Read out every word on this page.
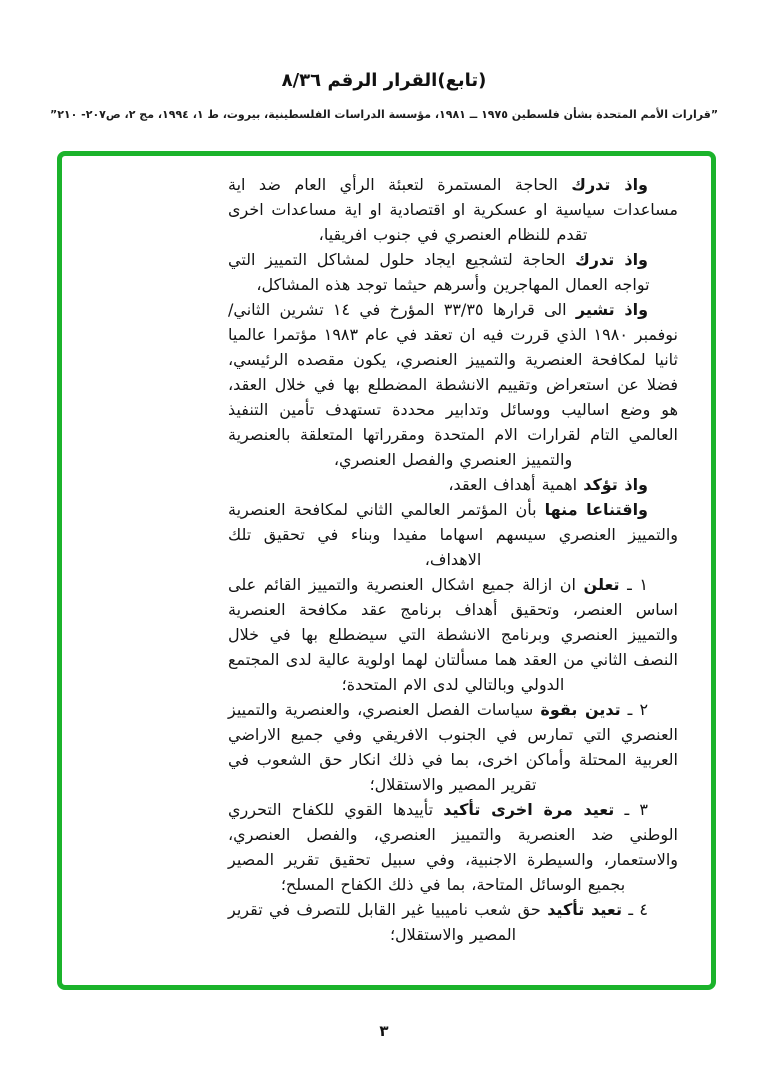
(تابع)القرار الرقم ٨/٣٦
”قرارات الأمم المتحدة بشأن فلسطين ١٩٧٥ ــ ١٩٨١، مؤسسة الدراسات الفلسطينية، بيروت، ط ١، ١٩٩٤، مج ٢، ص٢٠٧- ٢١٠”

واذ تدرك الحاجة المستمرة لتعبئة الرأي العام ضد اية مساعدات سياسية او عسكرية او اقتصادية او اية مساعدات اخرى تقدم للنظام العنصري في جنوب افريقيا،

واذ تدرك الحاجة لتشجيع ايجاد حلول لمشاكل التمييز التي تواجه العمال المهاجرين وأسرهم حيثما توجد هذه المشاكل،

واذ تشير الى قرارها ٣٣/٣٥ المؤرخ في ١٤ تشرين الثاني/نوفمبر ١٩٨٠ الذي قررت فيه ان تعقد في عام ١٩٨٣ مؤتمرا عالميا ثانيا لمكافحة العنصرية والتمييز العنصري، يكون مقصده الرئيسي، فضلا عن استعراض وتقييم الانشطة المضطلع بها في خلال العقد، هو وضع اساليب ووسائل وتدابير محددة تستهدف تأمين التنفيذ العالمي التام لقرارات الام المتحدة ومقرراتها المتعلقة بالعنصرية والتمييز العنصري والفصل العنصري،

واذ تؤكد اهمية أهداف العقد،

واقتناعا منها بأن المؤتمر العالمي الثاني لمكافحة العنصرية والتمييز العنصري سيسهم اسهاما مفيدا وبناء في تحقيق تلك الاهداف،

١ ـ تعلن ان ازالة جميع اشكال العنصرية والتمييز القائم على اساس العنصر، وتحقيق أهداف برنامج عقد مكافحة العنصرية والتمييز العنصري وبرنامج الانشطة التي سيضطلع بها في خلال النصف الثاني من العقد هما مسألتان لهما اولوية عالية لدى المجتمع الدولي وبالتالي لدى الام المتحدة؛

٢ ـ تدين بقوة سياسات الفصل العنصري، والعنصرية والتمييز العنصري التي تمارس في الجنوب الافريقي وفي جميع الاراضي العربية المحتلة وأماكن اخرى، بما في ذلك انكار حق الشعوب في تقرير المصير والاستقلال؛

٣ ـ تعيد مرة اخرى تأكيد تأييدها القوي للكفاح التحرري الوطني ضد العنصرية والتمييز العنصري، والفصل العنصري، والاستعمار، والسيطرة الاجنبية، وفي سبيل تحقيق تقرير المصير بجميع الوسائل المتاحة، بما في ذلك الكفاح المسلح؛

٤ ـ تعيد تأكيد حق شعب ناميبيا غير القابل للتصرف في تقرير المصير والاستقلال؛

٣
